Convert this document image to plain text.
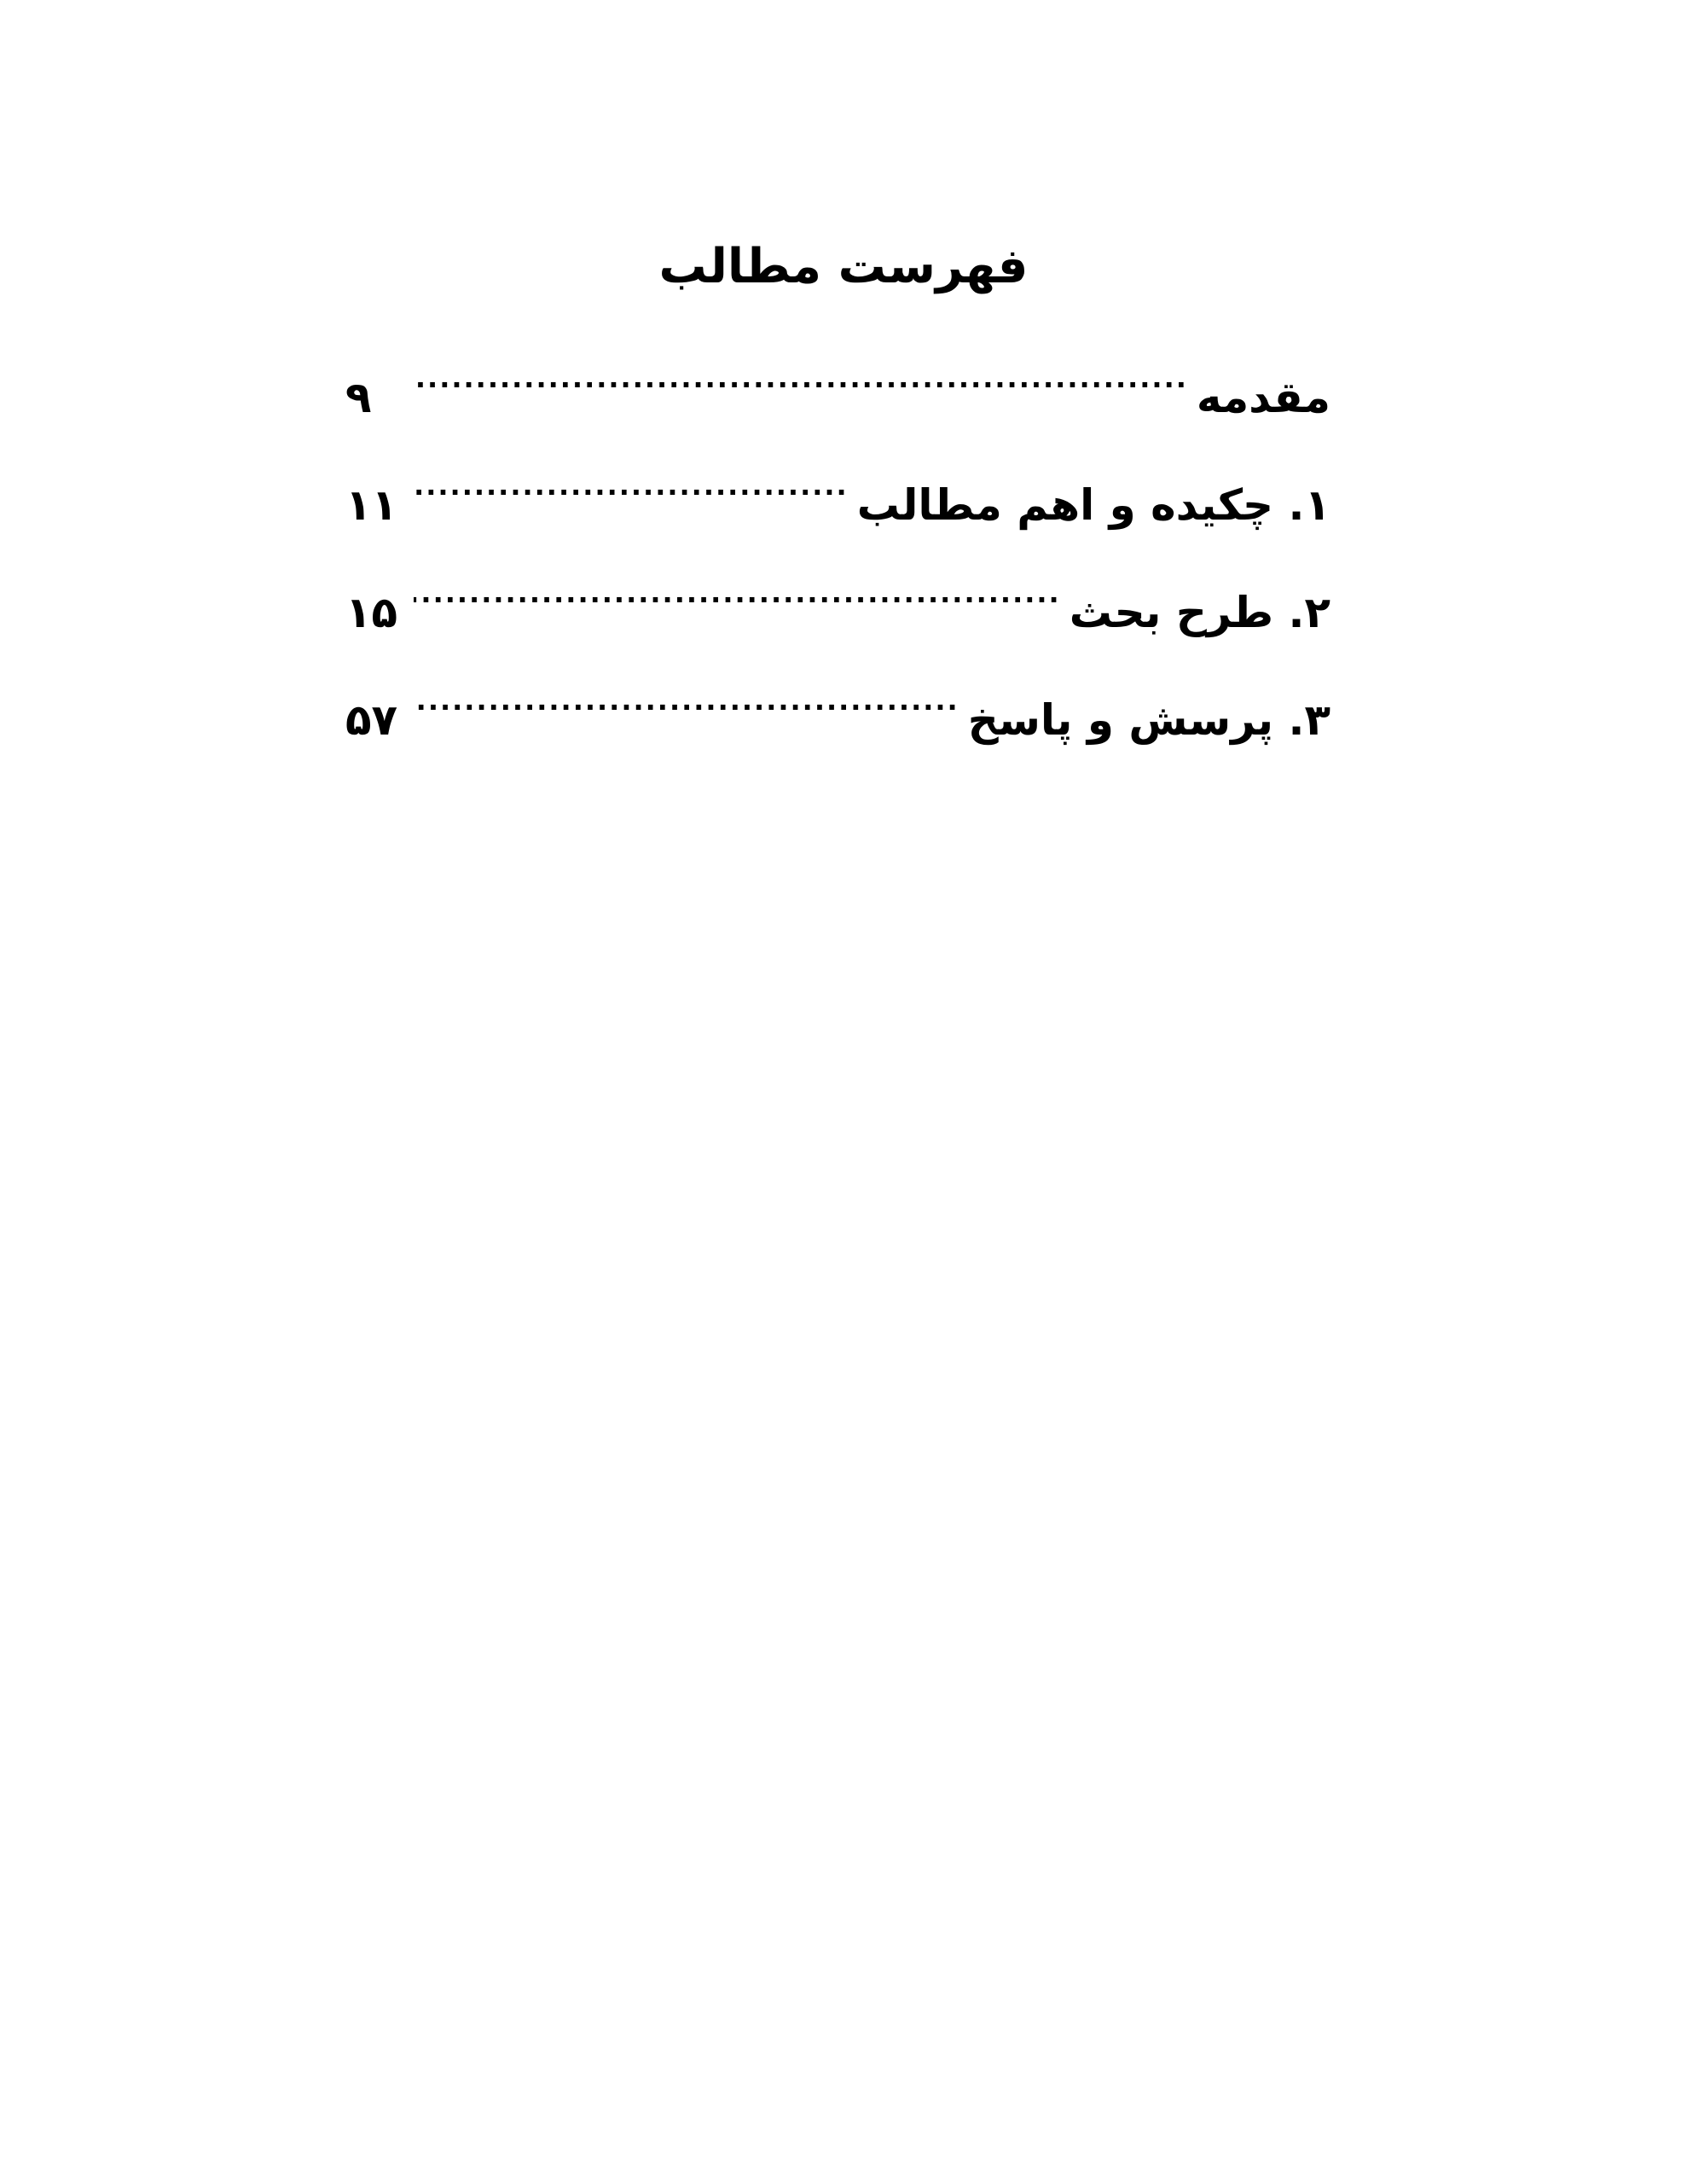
فهرست مطالب
مقدمه
.....
۹
۱. چکیده و اهم مطالب
.....
۱۱
۲. طرح بحث
.....
۱۵
۳. پرسش و پاسخ
.....
۵۷
